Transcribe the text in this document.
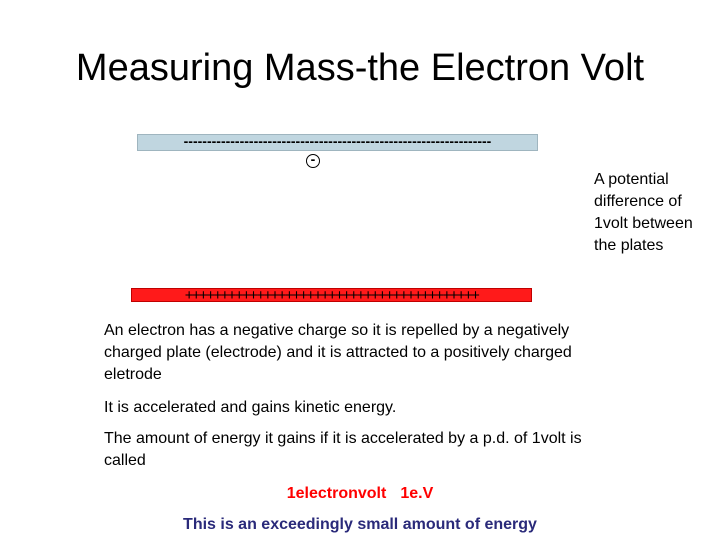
Measuring Mass-the Electron Volt
------------------------------------------------------------------
-
A potential difference of 1volt between the plates
+++++++++++++++++++++++++++++++++++++++++
An electron has a negative charge so it is repelled by a negatively charged plate (electrode) and it is attracted to a positively charged eletrode
It is accelerated and gains kinetic energy.
The amount of energy it gains if it is accelerated by a p.d. of 1volt is called
1electronvolt 1e.V
This is an exceedingly small amount of energy
